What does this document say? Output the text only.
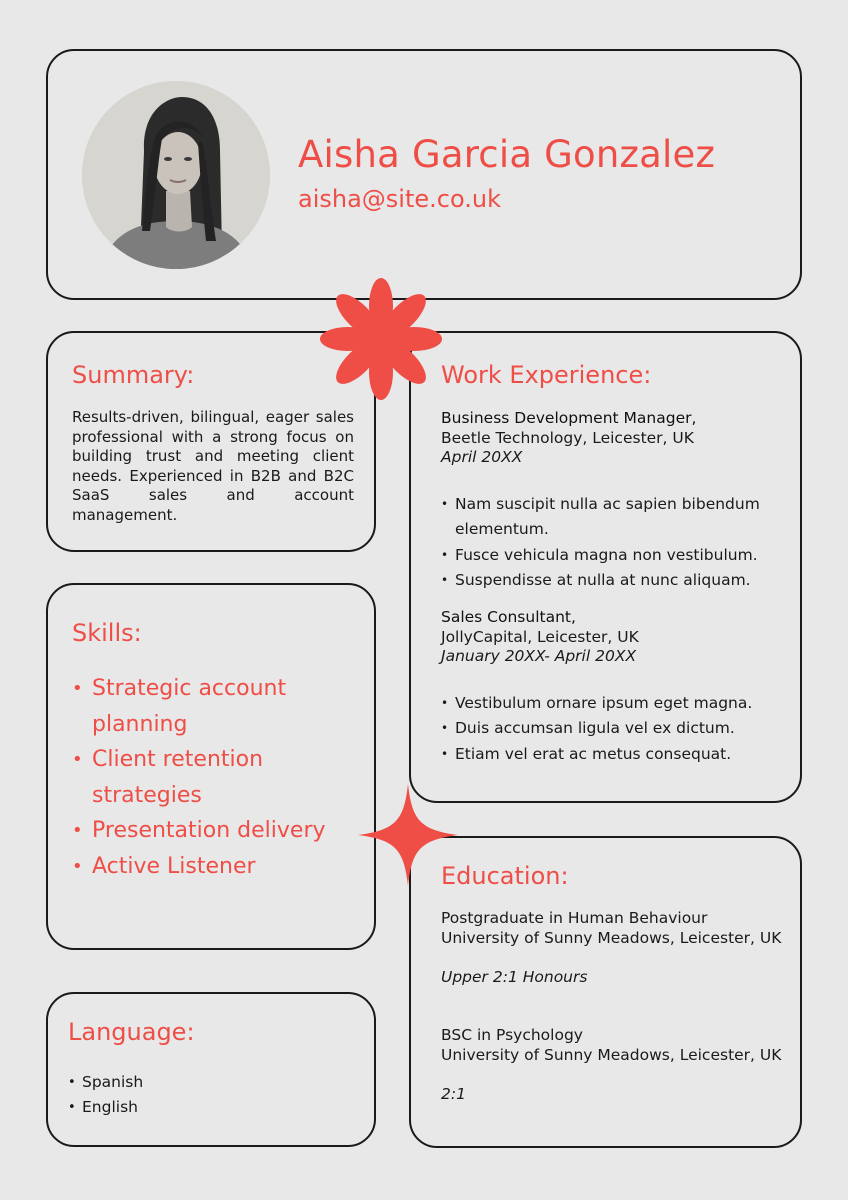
Aisha Garcia Gonzalez
aisha@site.co.uk
Summary:

Results-driven, bilingual, eager sales professional with a strong focus on building trust and meeting client needs. Experienced in B2B and B2C SaaS sales and account management.

Skills:
• Strategic account planning
• Client retention strategies
• Presentation delivery
• Active Listener
Language:
• Spanish
• English
Work Experience:
Business Development Manager,
Beetle Technology, Leicester, UK
April 20XX
• Nam suscipit nulla ac sapien bibendum elementum.
• Fusce vehicula magna non vestibulum.
• Suspendisse at nulla at nunc aliquam.
Sales Consultant,
JollyCapital, Leicester, UK
January 20XX- April 20XX
• Vestibulum ornare ipsum eget magna.
• Duis accumsan ligula vel ex dictum.
• Etiam vel erat ac metus consequat.
Education:
Postgraduate in Human Behaviour
University of Sunny Meadows, Leicester, UK
Upper 2:1 Honours
BSC in Psychology
University of Sunny Meadows, Leicester, UK
2:1
